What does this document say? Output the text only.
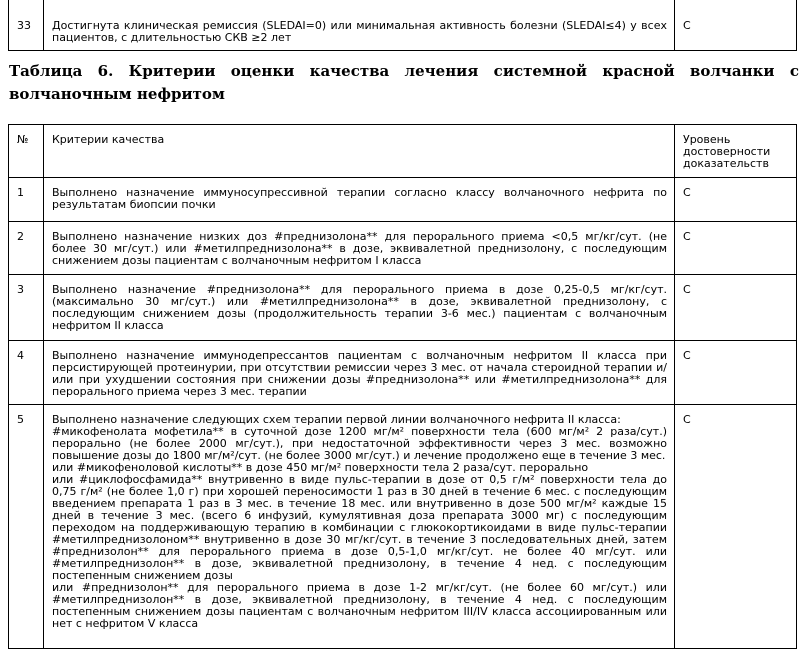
33	Достигнута клиническая ремиссия (SLEDAI=0) или минимальная активность болезни (SLEDAI≤4) у всех пациентов, с длительностью СКВ ≥2 лет	C

Таблица 6. Критерии оценки качества лечения системной красной волчанки с волчаночным нефритом

№	Критерии качества	Уровень достоверности доказательств
1	Выполнено назначение иммуносупрессивной терапии согласно классу волчаночного нефрита по результатам биопсии почки	C
2	Выполнено назначение низких доз #преднизолона** для перорального приема <0,5 мг/кг/сут. (не более 30 мг/сут.) или #метилпреднизолона** в дозе, эквивалетной преднизолону, с последующим снижением дозы пациентам с волчаночным нефритом I класса	C
3	Выполнено назначение #преднизолона** для перорального приема в дозе 0,25-0,5 мг/кг/сут. (максимально 30 мг/сут.) или #метилпреднизолона** в дозе, эквивалетной преднизолону, с последующим снижением дозы (продолжительность терапии 3-6 мес.) пациентам с волчаночным нефритом II класса	C
4	Выполнено назначение иммунодепрессантов пациентам с волчаночным нефритом II класса при персистирующей протеинурии, при отсутствии ремиссии через 3 мес. от начала стероидной терапии и/или при ухудшении состояния при снижении дозы #преднизолона** или #метилпреднизолона** для перорального приема через 3 мес. терапии	C
5	Выполнено назначение следующих схем терапии первой линии волчаночного нефрита II класса:
#микофенолата мофетила** в суточной дозе 1200 мг/м² поверхности тела (600 мг/м² 2 раза/сут.) перорально (не более 2000 мг/сут.), при недостаточной эффективности через 3 мес. возможно повышение дозы до 1800 мг/м²/сут. (не более 3000 мг/сут.) и лечение продолжено еще в течение 3 мес.
или #микофеноловой кислоты** в дозе 450 мг/м² поверхности тела 2 раза/сут. перорально
или #циклофосфамида** внутривенно в виде пульс-терапии в дозе от 0,5 г/м² поверхности тела до 0,75 г/м² (не более 1,0 г) при хорошей переносимости 1 раз в 30 дней в течение 6 мес. с последующим введением препарата 1 раз в 3 мес. в течение 18 мес. или внутривенно в дозе 500 мг/м² каждые 15 дней в течение 3 мес. (всего 6 инфузий, кумулятивная доза препарата 3000 мг) с последующим переходом на поддерживающую терапию в комбинации с глюкокортикоидами в виде пульс-терапии #метилпреднизолоном** внутривенно в дозе 30 мг/кг/сут. в течение 3 последовательных дней, затем #преднизолон** для перорального приема в дозе 0,5-1,0 мг/кг/сут. не более 40 мг/сут. или #метилпреднизолон** в дозе, эквивалетной преднизолону, в течение 4 нед. с последующим постепенным снижением дозы
или #преднизолон** для перорального приема в дозе 1-2 мг/кг/сут. (не более 60 мг/сут.) или #метилпреднизолон** в дозе, эквивалетной преднизолону, в течение 4 нед. с последующим постепенным снижением дозы пациентам с волчаночным нефритом III/IV класса ассоциированным или нет с нефритом V класса	C
